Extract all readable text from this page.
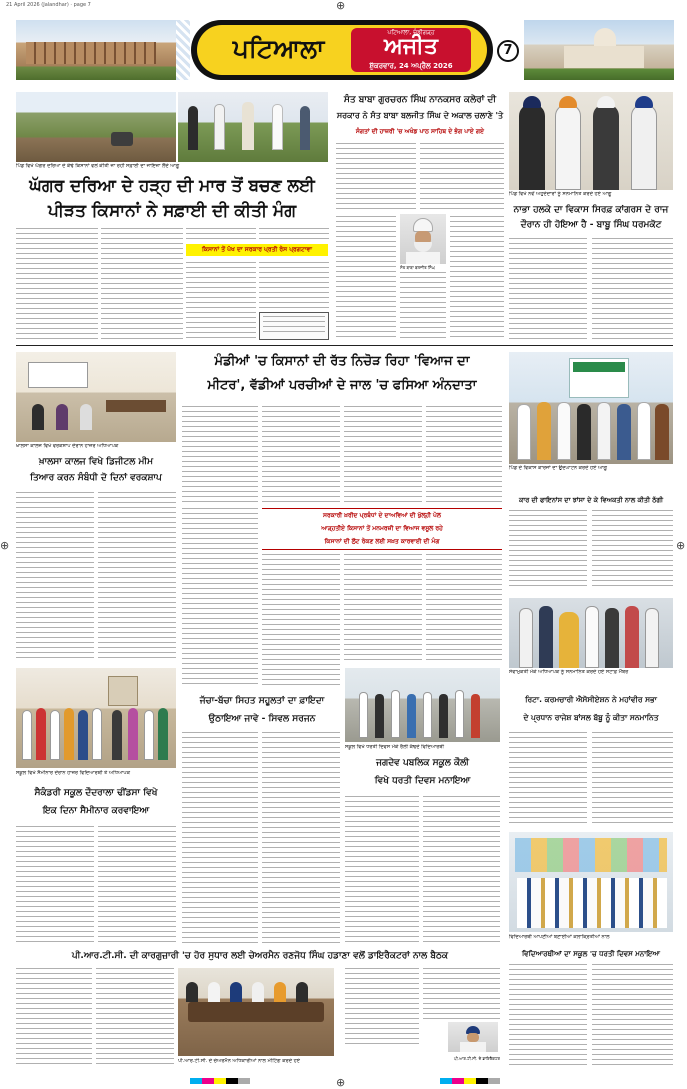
21 April 2026 (Jalandhar) · page 7	⊕
⊕
⊕	⊕
ਪਟਿਆਲਾ
ਪਟਿਆਲਾ, ਚੰਡੀਗੜ੍ਹ
ਅਜੀਤ
ਸ਼ੁੱਕਰਵਾਰ, 24 ਅਪ੍ਰੈਲ 2026
7
ਪਿੰਡ ਵਿਖੇ ਘੱਗਰ ਦਰਿਆ ਦੇ ਕੰਢੇ ਕਿਸਾਨਾਂ ਵਲੋਂ ਕੀਤੀ ਜਾ ਰਹੀ ਸਫ਼ਾਈ ਦਾ ਜਾਇਜ਼ਾ ਲੈਂਦੇ ਆਗੂ
ਘੱਗਰ ਦਰਿਆ ਦੇ ਹੜ੍ਹ ਦੀ ਮਾਰ ਤੋਂ ਬਚਣ ਲਈ
ਪੀੜਤ ਕਿਸਾਨਾਂ ਨੇ ਸਫ਼ਾਈ ਦੀ ਕੀਤੀ ਮੰਗ
ਕਿਸਾਨਾਂ ਤੋਂ ਪੱਖ ਦਾ ਸਰਕਾਰ ਪ੍ਰਤੀ ਰੋਸ ਪ੍ਰਗਟਾਵਾ
ਸੰਤ ਬਾਬਾ ਗੁਰਚਰਨ ਸਿੰਘ ਨਾਨਕਸਰ ਕਲੇਰਾਂ ਦੀ
ਸਰਕਾਰ ਨੇ ਸੰਤ ਬਾਬਾ ਬਲਜੀਤ ਸਿੰਘ ਦੇ ਅਕਾਲ ਚਲਾਣੇ 'ਤੇ
ਸੰਗਤਾਂ ਦੀ ਹਾਜ਼ਰੀ 'ਚ ਅਖੰਡ ਪਾਠ ਸਾਹਿਬ ਦੇ ਭੋਗ ਪਾਏ ਗਏ
ਸੰਤ ਬਾਬਾ ਬਲਜੀਤ ਸਿੰਘ
ਪਿੰਡ ਵਿਖੇ ਨਵੇਂ ਅਹੁਦੇਦਾਰਾਂ ਨੂੰ ਸਨਮਾਨਿਤ ਕਰਦੇ ਹੋਏ ਆਗੂ
ਨਾਭਾ ਹਲਕੇ ਦਾ ਵਿਕਾਸ ਸਿਰਫ਼ ਕਾਂਗਰਸ ਦੇ ਰਾਜ
ਦੌਰਾਨ ਹੀ ਹੋਇਆ ਹੈ - ਬਾਬੂ ਸਿੰਘ ਧਰਮਕੋਟ
ਖ਼ਾਲਸਾ ਕਾਲਜ ਵਿਖੇ ਵਰਕਸ਼ਾਪ ਦੌਰਾਨ ਹਾਜ਼ਰ ਅਧਿਆਪਕ
ਖ਼ਾਲਸਾ ਕਾਲਜ ਵਿਖੇ ਡਿਜੀਟਲ ਮੀਮ
ਤਿਆਰ ਕਰਨ ਸੰਬੰਧੀ ਦੋ ਦਿਨਾਂ ਵਰਕਸ਼ਾਪ
ਮੰਡੀਆਂ 'ਚ ਕਿਸਾਨਾਂ ਦੀ ਰੱਤ ਨਿਚੋੜ ਰਿਹਾ 'ਵਿਆਜ ਦਾ
ਮੀਟਰ', ਵੱਡੀਆਂ ਪਰਚੀਆਂ ਦੇ ਜਾਲ 'ਚ ਫਸਿਆ ਅੰਨਦਾਤਾ
ਸਰਕਾਰੀ ਖ਼ਰੀਦ ਪ੍ਰਬੰਧਾਂ ਦੇ ਦਾਅਵਿਆਂ ਦੀ ਖੁੱਲ੍ਹੀ ਪੋਲ
ਆੜ੍ਹਤੀਏ ਕਿਸਾਨਾਂ ਤੋਂ ਮਨਮਰਜ਼ੀ ਦਾ ਵਿਆਜ ਵਸੂਲ ਰਹੇ
ਕਿਸਾਨਾਂ ਦੀ ਲੁੱਟ ਰੋਕਣ ਲਈ ਸਖ਼ਤ ਕਾਰਵਾਈ ਦੀ ਮੰਗ
ਪਿੰਡ ਦੇ ਵਿਕਾਸ ਕਾਰਜਾਂ ਦਾ ਉਦਘਾਟਨ ਕਰਦੇ ਹੋਏ ਆਗੂ
ਕਾਰ ਦੀ ਫਾਇਨਾਂਸ ਦਾ ਝਾਂਸਾ ਦੇ ਕੇ ਵਿਅਕਤੀ ਨਾਲ ਕੀਤੀ ਠੱਗੀ
ਸੇਵਾਮੁਕਤੀ ਮੌਕੇ ਅਧਿਆਪਕ ਨੂੰ ਸਨਮਾਨਿਤ ਕਰਦੇ ਹੋਏ ਸਟਾਫ਼ ਮੈਂਬਰ
ਰਿਟਾ. ਕਰਮਚਾਰੀ ਐਸੋਸੀਏਸ਼ਨ ਨੇ ਮਹਾਂਵੀਰ ਸਭਾ
ਦੇ ਪ੍ਰਧਾਨ ਰਾਜੇਸ਼ ਬਾਂਸਲ ਬੱਬੂ ਨੂੰ ਕੀਤਾ ਸਨਮਾਨਿਤ
ਸਕੂਲ ਵਿਖੇ ਸੈਮੀਨਾਰ ਦੌਰਾਨ ਹਾਜ਼ਰ ਵਿਦਿਆਰਥੀ ਤੇ ਅਧਿਆਪਕ
ਸੈਕੰਡਰੀ ਸਕੂਲ ਦੌਦਰਾਲਾ ਢੀਂਡਸਾ ਵਿਖੇ
ਇਕ ਦਿਨਾ ਸੈਮੀਨਾਰ ਕਰਵਾਇਆ
ਜੱਚਾ-ਬੱਚਾ ਸਿਹਤ ਸਹੂਲਤਾਂ ਦਾ ਫ਼ਾਇਦਾ
ਉਠਾਇਆ ਜਾਵੇ - ਸਿਵਲ ਸਰਜਨ
ਸਕੂਲ ਵਿਖੇ ਧਰਤੀ ਦਿਵਸ ਮੌਕੇ ਰੈਲੀ ਕੱਢਦੇ ਵਿਦਿਆਰਥੀ
ਜਗਦੇਵ ਪਬਲਿਕ ਸਕੂਲ ਕੌਲੀ
ਵਿਖੇ ਧਰਤੀ ਦਿਵਸ ਮਨਾਇਆ
ਵਿਦਿਆਰਥੀ ਆਪਣੀਆਂ ਬਣਾਈਆਂ ਕਲਾਕ੍ਰਿਤੀਆਂ ਨਾਲ
ਵਿਦਿਆਰਥੀਆਂ ਦਾ ਸਕੂਲ 'ਚ ਧਰਤੀ ਦਿਵਸ ਮਨਾਇਆ
ਪੀ.ਆਰ.ਟੀ.ਸੀ. ਦੀ ਕਾਰਗੁਜ਼ਾਰੀ 'ਚ ਹੋਰ ਸੁਧਾਰ ਲਈ ਚੇਅਰਮੈਨ ਰਣਜੋਧ ਸਿੰਘ ਹਡਾਣਾ ਵਲੋਂ ਡਾਇਰੈਕਟਰਾਂ ਨਾਲ ਬੈਠਕ
ਪੀ.ਆਰ.ਟੀ.ਸੀ. ਦੇ ਚੇਅਰਮੈਨ ਅਧਿਕਾਰੀਆਂ ਨਾਲ ਮੀਟਿੰਗ ਕਰਦੇ ਹੋਏ	ਪੀ.ਆਰ.ਟੀ.ਸੀ. ਦੇ ਡਾਇਰੈਕਟਰ
